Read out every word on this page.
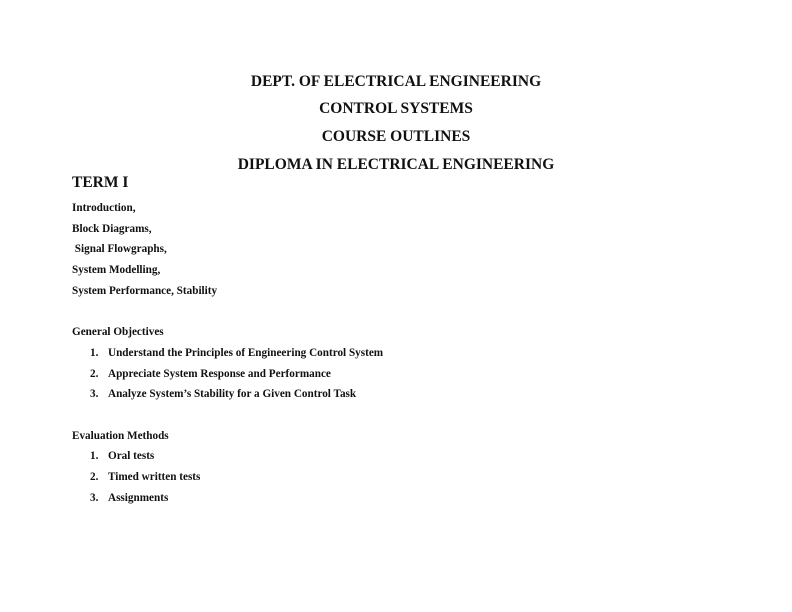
DEPT. OF ELECTRICAL ENGINEERING
CONTROL SYSTEMS
COURSE OUTLINES
DIPLOMA IN ELECTRICAL ENGINEERING
TERM I
Introduction,
Block Diagrams,
Signal Flowgraphs,
System Modelling,
System Performance, Stability
General Objectives
1. Understand the Principles of Engineering Control System
2. Appreciate System Response and Performance
3. Analyze System’s Stability for a Given Control Task
Evaluation Methods
1. Oral tests
2. Timed written tests
3. Assignments
